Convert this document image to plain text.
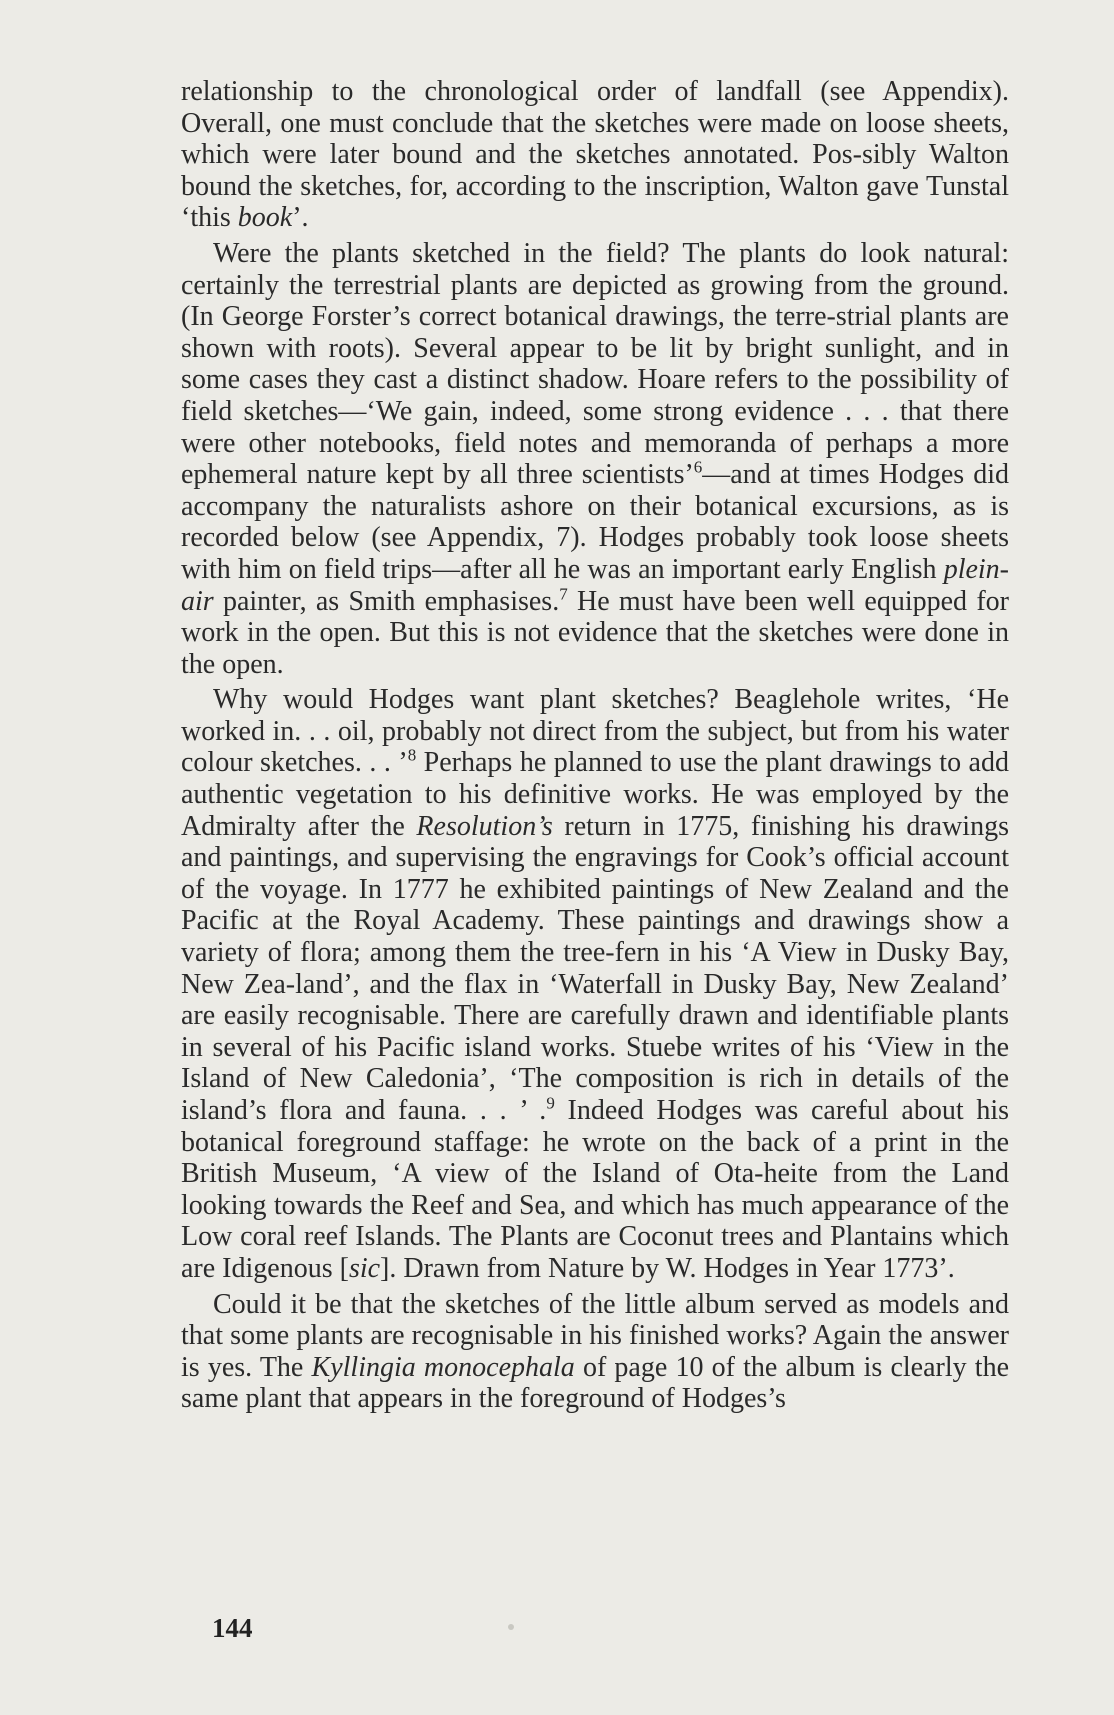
relationship to the chronological order of landfall (see Appendix). Overall, one must conclude that the sketches were made on loose sheets, which were later bound and the sketches annotated. Pos-sibly Walton bound the sketches, for, according to the inscription, Walton gave Tunstal ‘this book’.

Were the plants sketched in the field? The plants do look natural: certainly the terrestrial plants are depicted as growing from the ground. (In George Forster’s correct botanical drawings, the terre-strial plants are shown with roots). Several appear to be lit by bright sunlight, and in some cases they cast a distinct shadow. Hoare refers to the possibility of field sketches—‘We gain, indeed, some strong evidence . . . that there were other notebooks, field notes and memoranda of perhaps a more ephemeral nature kept by all three scientists’$^6$—and at times Hodges did accompany the naturalists ashore on their botanical excursions, as is recorded below (see Appendix, 7). Hodges probably took loose sheets with him on field trips—after all he was an important early English plein-air painter, as Smith emphasises.$^7$ He must have been well equipped for work in the open. But this is not evidence that the sketches were done in the open.

Why would Hodges want plant sketches? Beaglehole writes, ‘He worked in. . . oil, probably not direct from the subject, but from his water colour sketches. . . ’$^8$ Perhaps he planned to use the plant drawings to add authentic vegetation to his definitive works. He was employed by the Admiralty after the Resolution’s return in 1775, finishing his drawings and paintings, and supervising the engravings for Cook’s official account of the voyage. In 1777 he exhibited paintings of New Zealand and the Pacific at the Royal Academy. These paintings and drawings show a variety of flora; among them the tree-fern in his ‘A View in Dusky Bay, New Zea-land’, and the flax in ‘Waterfall in Dusky Bay, New Zealand’ are easily recognisable. There are carefully drawn and identifiable plants in several of his Pacific island works. Stuebe writes of his ‘View in the Island of New Caledonia’, ‘The composition is rich in details of the island’s flora and fauna. . . ’ .$^9$ Indeed Hodges was careful about his botanical foreground staffage: he wrote on the back of a print in the British Museum, ‘A view of the Island of Ota-heite from the Land looking towards the Reef and Sea, and which has much appearance of the Low coral reef Islands. The Plants are Coconut trees and Plantains which are Idigenous [sic]. Drawn from Nature by W. Hodges in Year 1773’.

Could it be that the sketches of the little album served as models and that some plants are recognisable in his finished works? Again the answer is yes. The Kyllingia monocephala of page 10 of the album is clearly the same plant that appears in the foreground of Hodges’s

144
